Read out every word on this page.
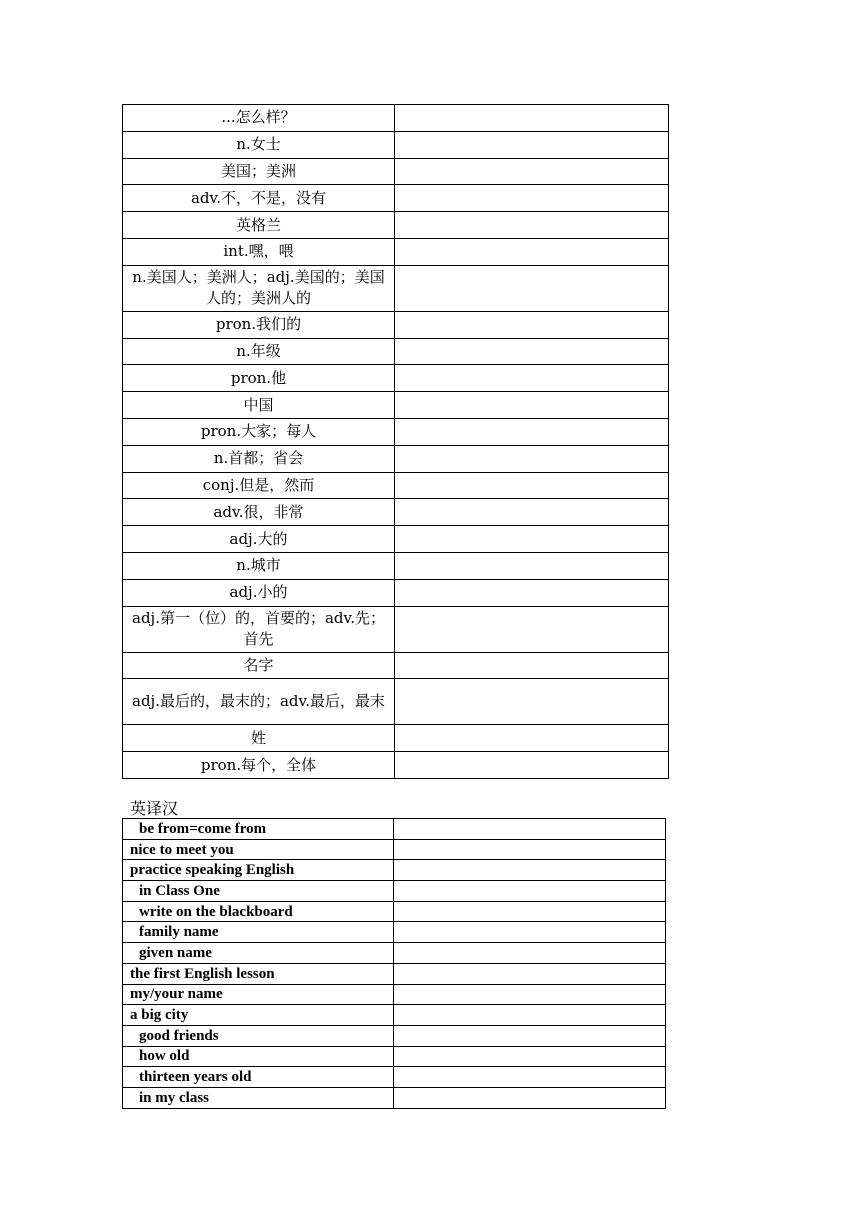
...怎么样？	
n.女士	
美国；美洲	
adv.不，不是，没有	
英格兰	
int.嘿，喂	
n.美国人；美洲人；adj.美国的；美国人的；美洲人的	
pron.我们的	
n.年级	
pron.他	
中国	
pron.大家；每人	
n.首都；省会	
conj.但是，然而	
adv.很，非常	
adj.大的	
n.城市	
adj.小的	
adj.第一（位）的，首要的；adv.先；首先	
名字	
adj.最后的，最末的；adv.最后，最末	
姓	
pron.每个，全体	
英译汉
be from=come from	
nice to meet you	
practice speaking English	
in Class One	
write on the blackboard	
family name	
given name	
the first English lesson	
my/your name	
a big city	
good friends	
how old	
thirteen years old	
in my class	
